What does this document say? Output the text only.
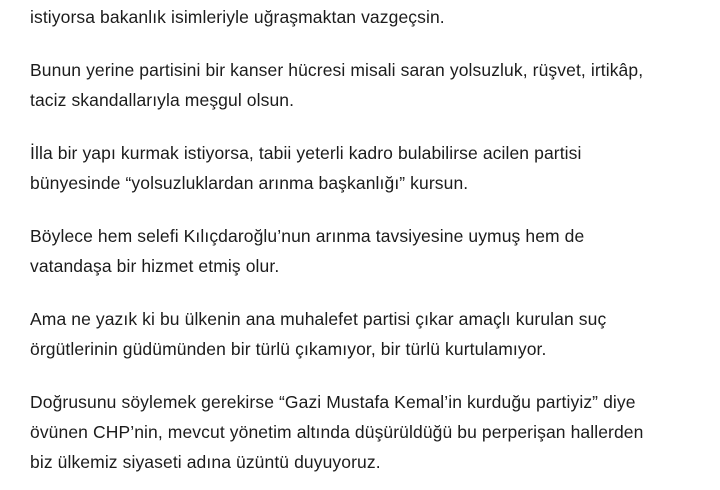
istiyorsa bakanlık isimleriyle uğraşmaktan vazgeçsin.

Bunun yerine partisini bir kanser hücresi misali saran yolsuzluk, rüşvet, irtikâp, taciz skandallarıyla meşgul olsun.

İlla bir yapı kurmak istiyorsa, tabii yeterli kadro bulabilirse acilen partisi bünyesinde “yolsuzluklardan arınma başkanlığı” kursun.

Böylece hem selefi Kılıçdaroğlu’nun arınma tavsiyesine uymuş hem de vatandaşa bir hizmet etmiş olur.

Ama ne yazık ki bu ülkenin ana muhalefet partisi çıkar amaçlı kurulan suç örgütlerinin güdümünden bir türlü çıkamıyor, bir türlü kurtulamıyor.

Doğrusunu söylemek gerekirse “Gazi Mustafa Kemal’in kurduğu partiyiz” diye övünen CHP’nin, mevcut yönetim altında düşürüldüğü bu perperişan hallerden biz ülkemiz siyaseti adına üzüntü duyuyoruz.
